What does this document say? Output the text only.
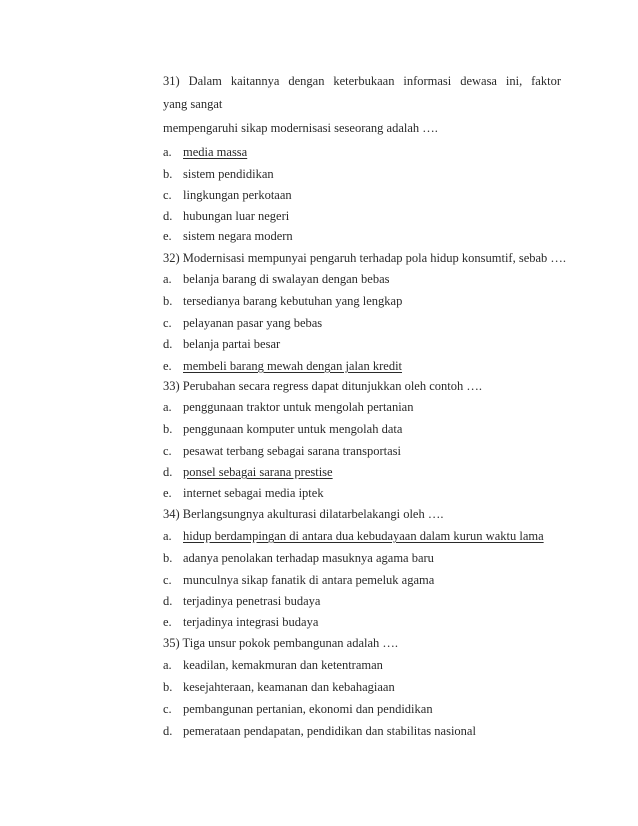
31) Dalam kaitannya dengan keterbukaan informasi dewasa ini, faktor
yang sangat
mempengaruhi sikap modernisasi seseorang adalah ….
a. media massa
b. sistem pendidikan
c. lingkungan perkotaan
d. hubungan luar negeri
e. sistem negara modern
32) Modernisasi mempunyai pengaruh terhadap pola hidup konsumtif, sebab ….
a. belanja barang di swalayan dengan bebas
b. tersedianya barang kebutuhan yang lengkap
c. pelayanan pasar yang bebas
d. belanja partai besar
e. membeli barang mewah dengan jalan kredit
33) Perubahan secara regress dapat ditunjukkan oleh contoh ….
a. penggunaan traktor untuk mengolah pertanian
b. penggunaan komputer untuk mengolah data
c. pesawat terbang sebagai sarana transportasi
d. ponsel sebagai sarana prestise
e. internet sebagai media iptek
34) Berlangsungnya akulturasi dilatarbelakangi oleh ….
a. hidup berdampingan di antara dua kebudayaan dalam kurun waktu lama
b. adanya penolakan terhadap masuknya agama baru
c. munculnya sikap fanatik di antara pemeluk agama
d. terjadinya penetrasi budaya
e. terjadinya integrasi budaya
35) Tiga unsur pokok pembangunan adalah ….
a. keadilan, kemakmuran dan ketentraman
b. kesejahteraan, keamanan dan kebahagiaan
c. pembangunan pertanian, ekonomi dan pendidikan
d. pemerataan pendapatan, pendidikan dan stabilitas nasional
